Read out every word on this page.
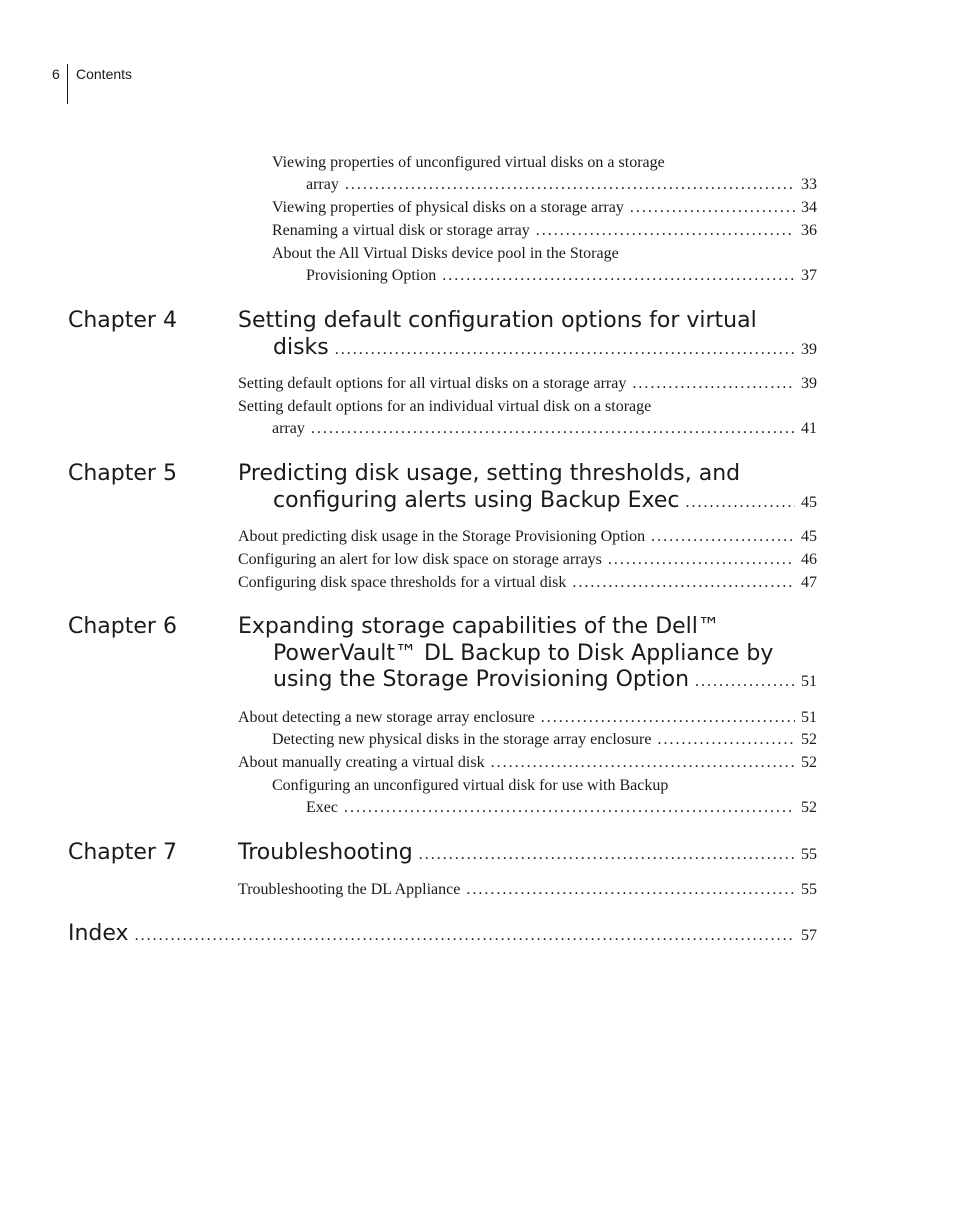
6 Contents
Viewing properties of unconfigured virtual disks on a storage
array . . .	33
Viewing properties of physical disks on a storage array . . .	34
Renaming a virtual disk or storage array . . .	36
About the All Virtual Disks device pool in the Storage
Provisioning Option . . .	37
Chapter 4	Setting default configuration options for virtual
disks . . .	39
Setting default options for all virtual disks on a storage array . . .	39
Setting default options for an individual virtual disk on a storage
array . . .	41
Chapter 5	Predicting disk usage, setting thresholds, and
configuring alerts using Backup Exec . . .	45
About predicting disk usage in the Storage Provisioning Option . . .	45
Configuring an alert for low disk space on storage arrays . . .	46
Configuring disk space thresholds for a virtual disk . . .	47
Chapter 6	Expanding storage capabilities of the Dell™
PowerVault™ DL Backup to Disk Appliance by
using the Storage Provisioning Option . . .	51
About detecting a new storage array enclosure . . .	51
Detecting new physical disks in the storage array enclosure . . .	52
About manually creating a virtual disk . . .	52
Configuring an unconfigured virtual disk for use with Backup
Exec . . .	52
Chapter 7	Troubleshooting . . .	55
Troubleshooting the DL Appliance . . .	55
Index . . .	57
